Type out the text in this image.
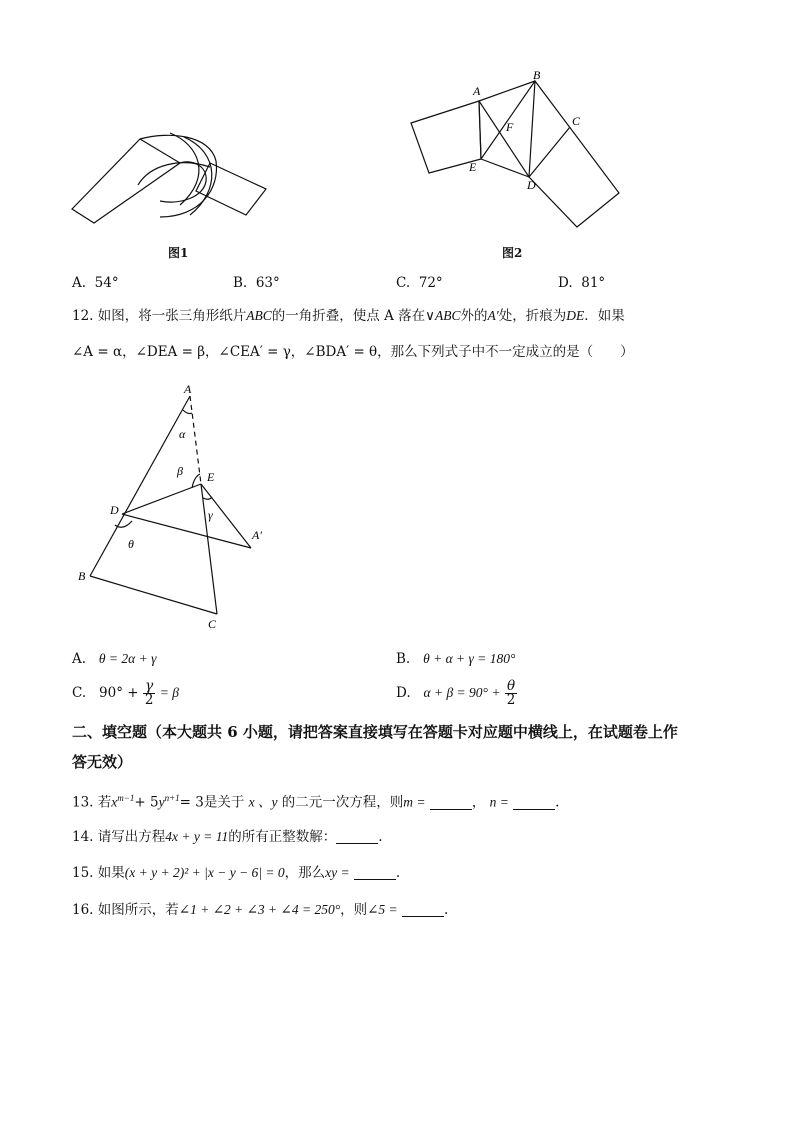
图1
A
B
C
D
E
F
图2
A. 54°	B. 63°	C. 72°	D. 81°
12. 如图，将一张三角形纸片ABC的一角折叠，使点 A 落在∨ABC外的A′处，折痕为DE．如果
∠A = α，∠DEA = β，∠CEA′ = γ，∠BDA′ = θ，那么下列式子中不一定成立的是（　　）
A
α
β E
D	γ
A′
θ
B
C
A. θ = 2α + γ	B. θ + α + γ = 180°
C. $90^\circ + \frac{\gamma}{2} = \beta$	D. $\alpha + \beta = 90^\circ + \frac{\theta}{2}$
二、填空题（本大题共 6 小题，请把答案直接填写在答题卡对应题中横线上，在试题卷上作
答无效）
13. 若$x^{m-1}+ 5y^{n+1}= 3$是关于 x 、y 的二元一次方程，则m =	， n =	.
14. 请写出方程4x + y = 11的所有正整数解：	.
15. 如果(x + y + 2)² + |x − y − 6| = 0，那么xy =	.
16. 如图所示，若∠1 + ∠2 + ∠3 + ∠4 = 250°，则∠5 =	.
